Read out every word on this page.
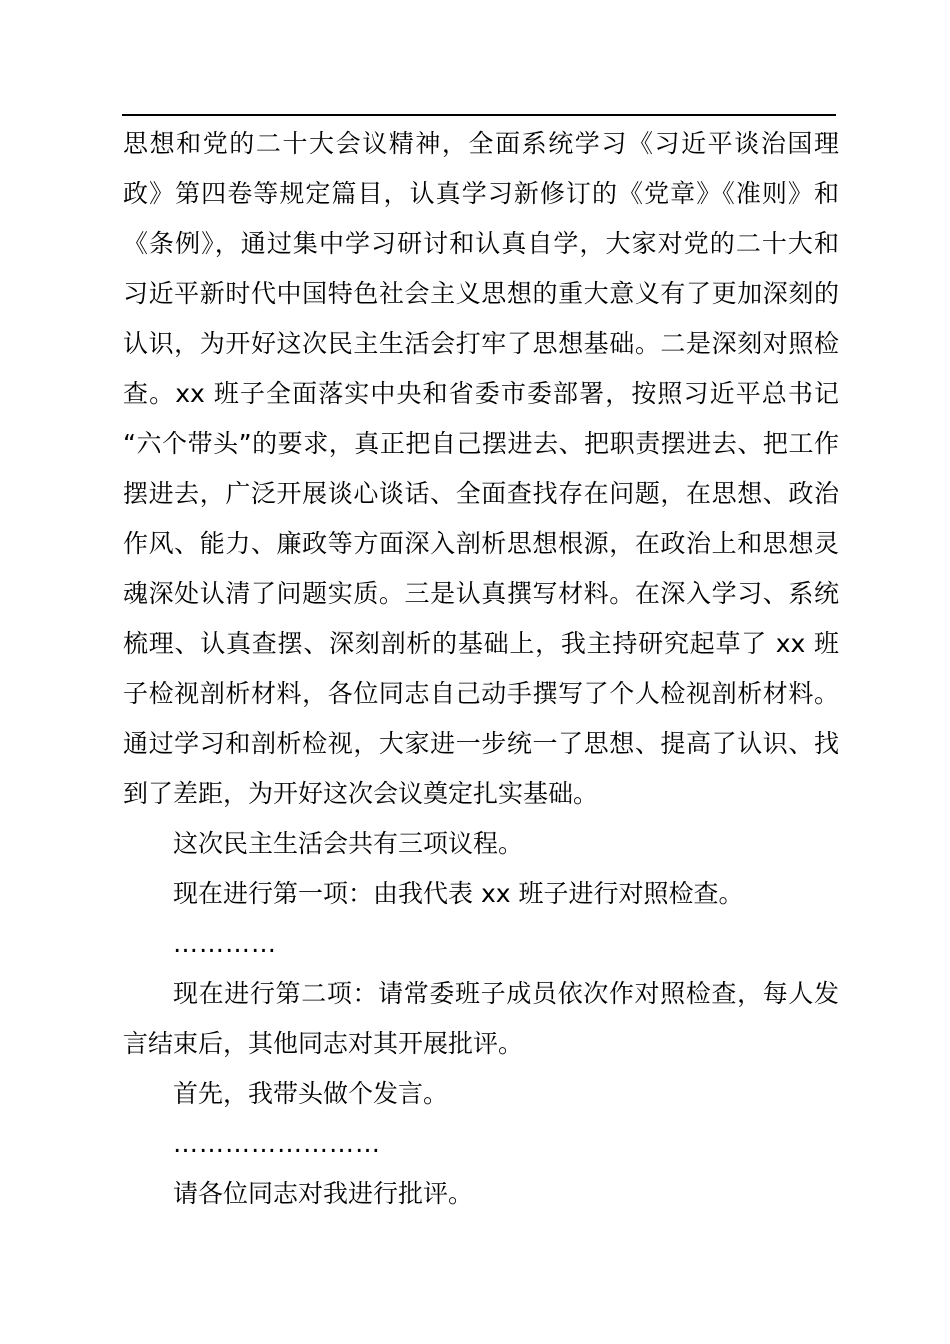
思想和党的二十大会议精神，全面系统学习《习近平谈治国理
政》第四卷等规定篇目，认真学习新修订的《党章》《准则》和
《条例》，通过集中学习研讨和认真自学，大家对党的二十大和
习近平新时代中国特色社会主义思想的重大意义有了更加深刻的
认识，为开好这次民主生活会打牢了思想基础。二是深刻对照检
查。xx 班子全面落实中央和省委市委部署，按照习近平总书记
“六个带头”的要求，真正把自己摆进去、把职责摆进去、把工作
摆进去，广泛开展谈心谈话、全面查找存在问题，在思想、政治
作风、能力、廉政等方面深入剖析思想根源，在政治上和思想灵
魂深处认清了问题实质。三是认真撰写材料。在深入学习、系统
梳理、认真查摆、深刻剖析的基础上，我主持研究起草了 xx 班
子检视剖析材料，各位同志自己动手撰写了个人检视剖析材料。
通过学习和剖析检视，大家进一步统一了思想、提高了认识、找
到了差距，为开好这次会议奠定扎实基础。
这次民主生活会共有三项议程。
现在进行第一项：由我代表 xx 班子进行对照检查。
…………
现在进行第二项：请常委班子成员依次作对照检查，每人发
言结束后，其他同志对其开展批评。
首先，我带头做个发言。
……………………
请各位同志对我进行批评。
